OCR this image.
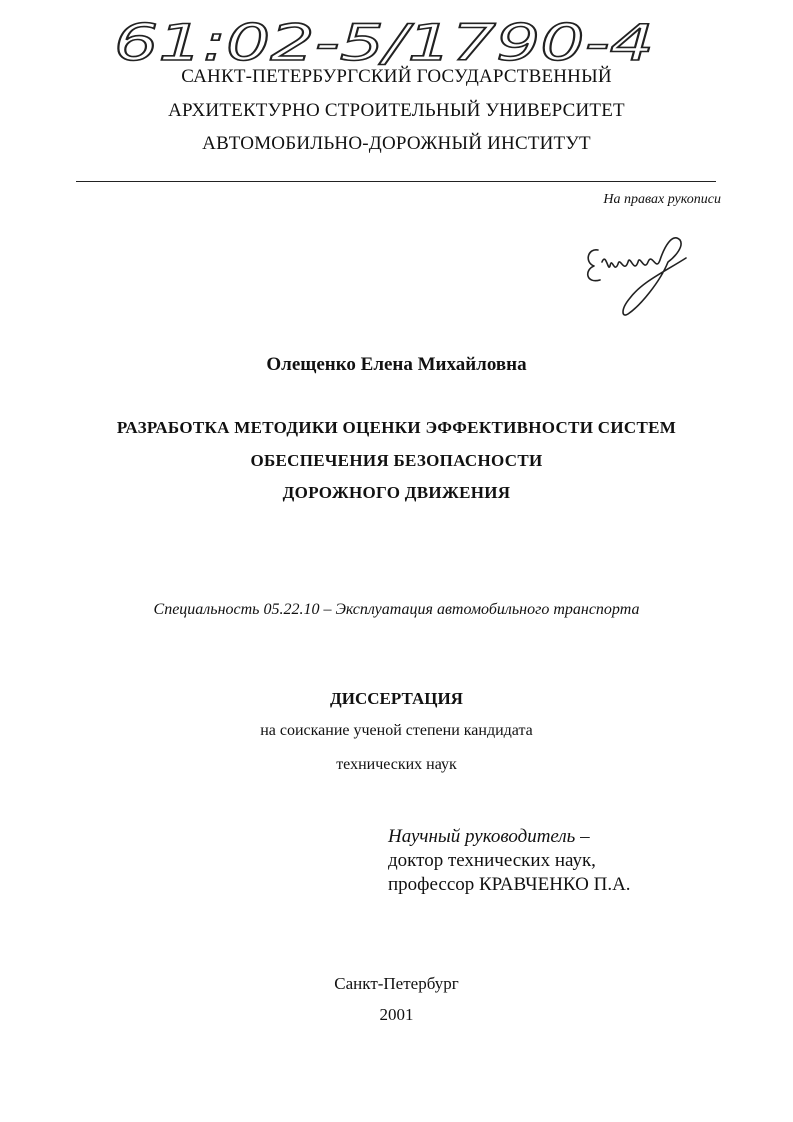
61:02-5/1790-4
САНКТ-ПЕТЕРБУРГСКИЙ ГОСУДАРСТВЕННЫЙ
АРХИТЕКТУРНО СТРОИТЕЛЬНЫЙ УНИВЕРСИТЕТ
АВТОМОБИЛЬНО-ДОРОЖНЫЙ ИНСТИТУТ
На правах рукописи
Олещенко Елена Михайловна
РАЗРАБОТКА МЕТОДИКИ ОЦЕНКИ ЭФФЕКТИВНОСТИ СИСТЕМ
ОБЕСПЕЧЕНИЯ БЕЗОПАСНОСТИ
ДОРОЖНОГО ДВИЖЕНИЯ
Специальность 05.22.10 – Эксплуатация автомобильного транспорта
ДИССЕРТАЦИЯ
на соискание ученой степени кандидата
технических наук
Научный руководитель –
доктор технических наук,
профессор КРАВЧЕНКО П.А.
Санкт-Петербург
2001
